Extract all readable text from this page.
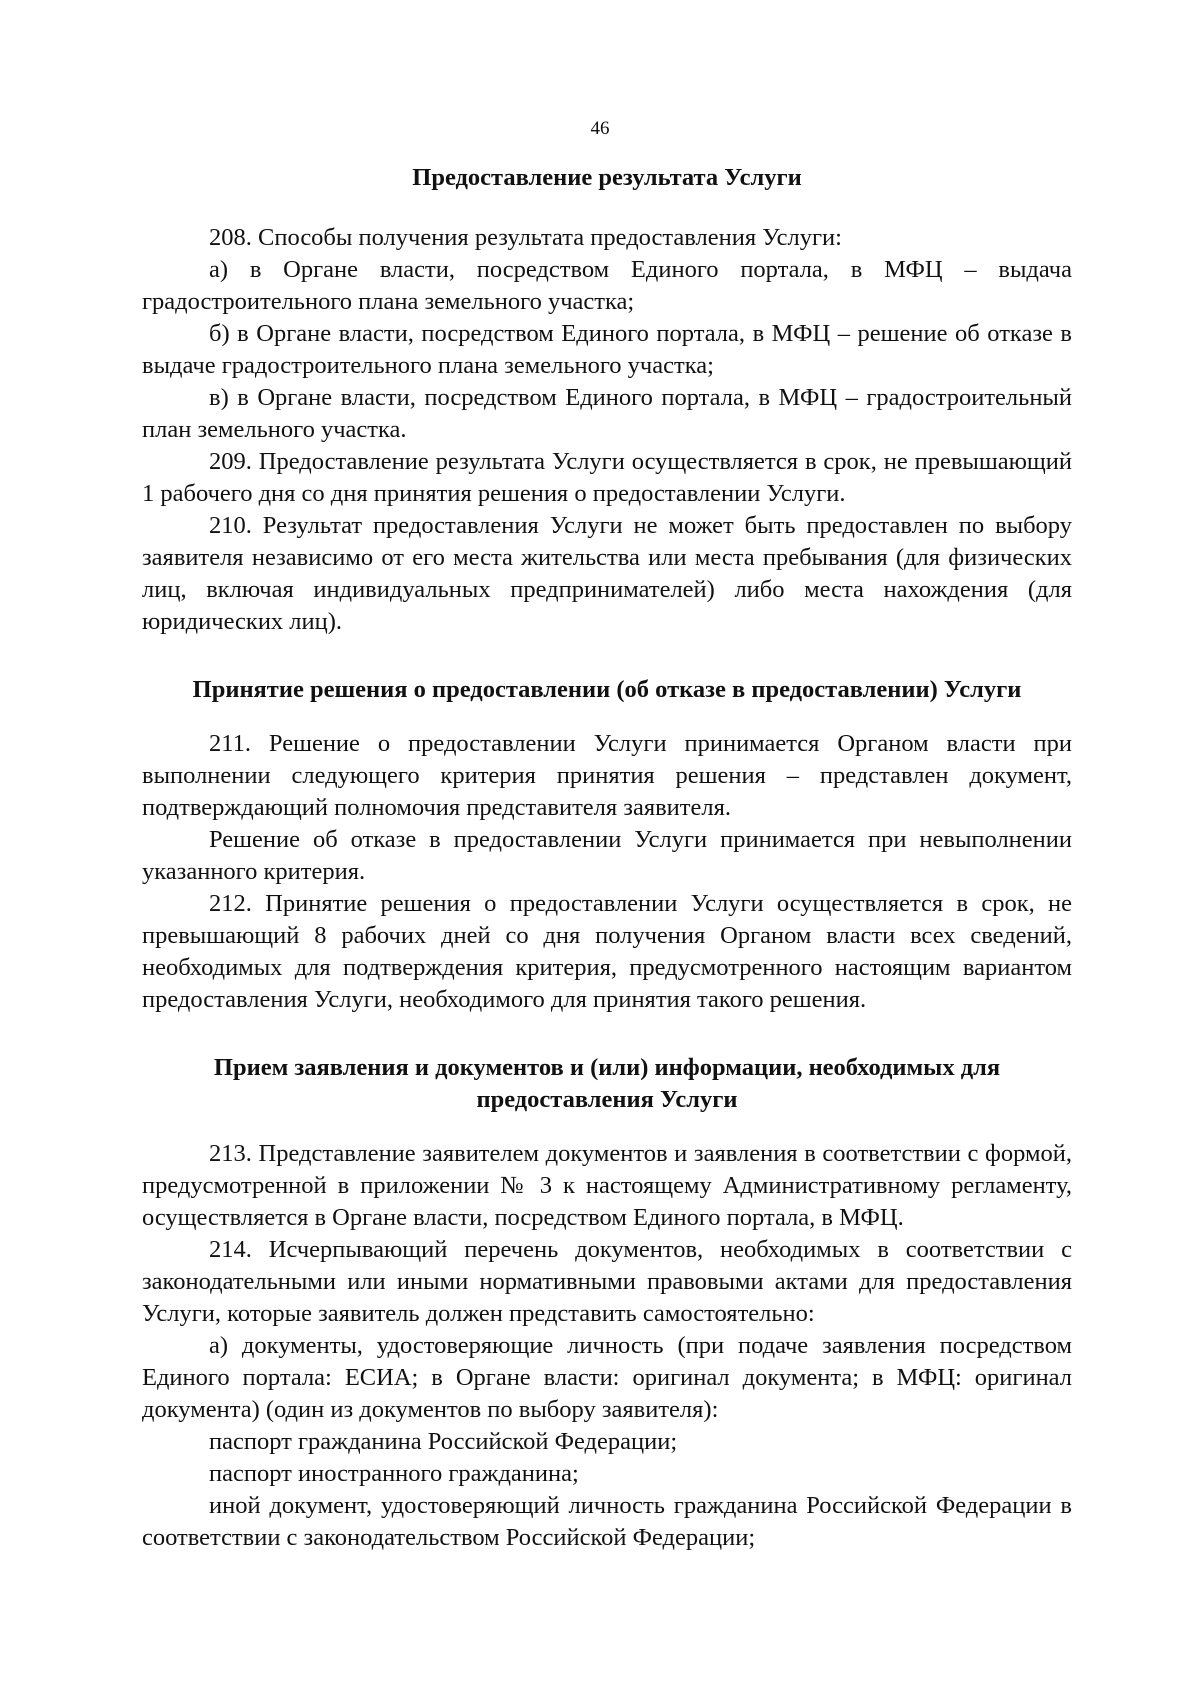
46

Предоставление результата Услуги

208. Способы получения результата предоставления Услуги:

а) в Органе власти, посредством Единого портала, в МФЦ – выдача градостроительного плана земельного участка;

б) в Органе власти, посредством Единого портала, в МФЦ – решение об отказе в выдаче градостроительного плана земельного участка;

в) в Органе власти, посредством Единого портала, в МФЦ – градостроительный план земельного участка.

209. Предоставление результата Услуги осуществляется в срок, не превышающий 1 рабочего дня со дня принятия решения о предоставлении Услуги.

210. Результат предоставления Услуги не может быть предоставлен по выбору заявителя независимо от его места жительства или места пребывания (для физических лиц, включая индивидуальных предпринимателей) либо места нахождения (для юридических лиц).

Принятие решения о предоставлении (об отказе в предоставлении) Услуги

211. Решение о предоставлении Услуги принимается Органом власти при выполнении следующего критерия принятия решения – представлен документ, подтверждающий полномочия представителя заявителя.

Решение об отказе в предоставлении Услуги принимается при невыполнении указанного критерия.

212. Принятие решения о предоставлении Услуги осуществляется в срок, не превышающий 8 рабочих дней со дня получения Органом власти всех сведений, необходимых для подтверждения критерия, предусмотренного настоящим вариантом предоставления Услуги, необходимого для принятия такого решения.

Прием заявления и документов и (или) информации, необходимых для
предоставления Услуги

213. Представление заявителем документов и заявления в соответствии с формой, предусмотренной в приложении № 3 к настоящему Административному регламенту, осуществляется в Органе власти, посредством Единого портала, в МФЦ.

214. Исчерпывающий перечень документов, необходимых в соответствии с законодательными или иными нормативными правовыми актами для предоставления Услуги, которые заявитель должен представить самостоятельно:

а) документы, удостоверяющие личность (при подаче заявления посредством Единого портала: ЕСИА; в Органе власти: оригинал документа; в МФЦ: оригинал документа) (один из документов по выбору заявителя):

паспорт гражданина Российской Федерации;

паспорт иностранного гражданина;

иной документ, удостоверяющий личность гражданина Российской Федерации в соответствии с законодательством Российской Федерации;
